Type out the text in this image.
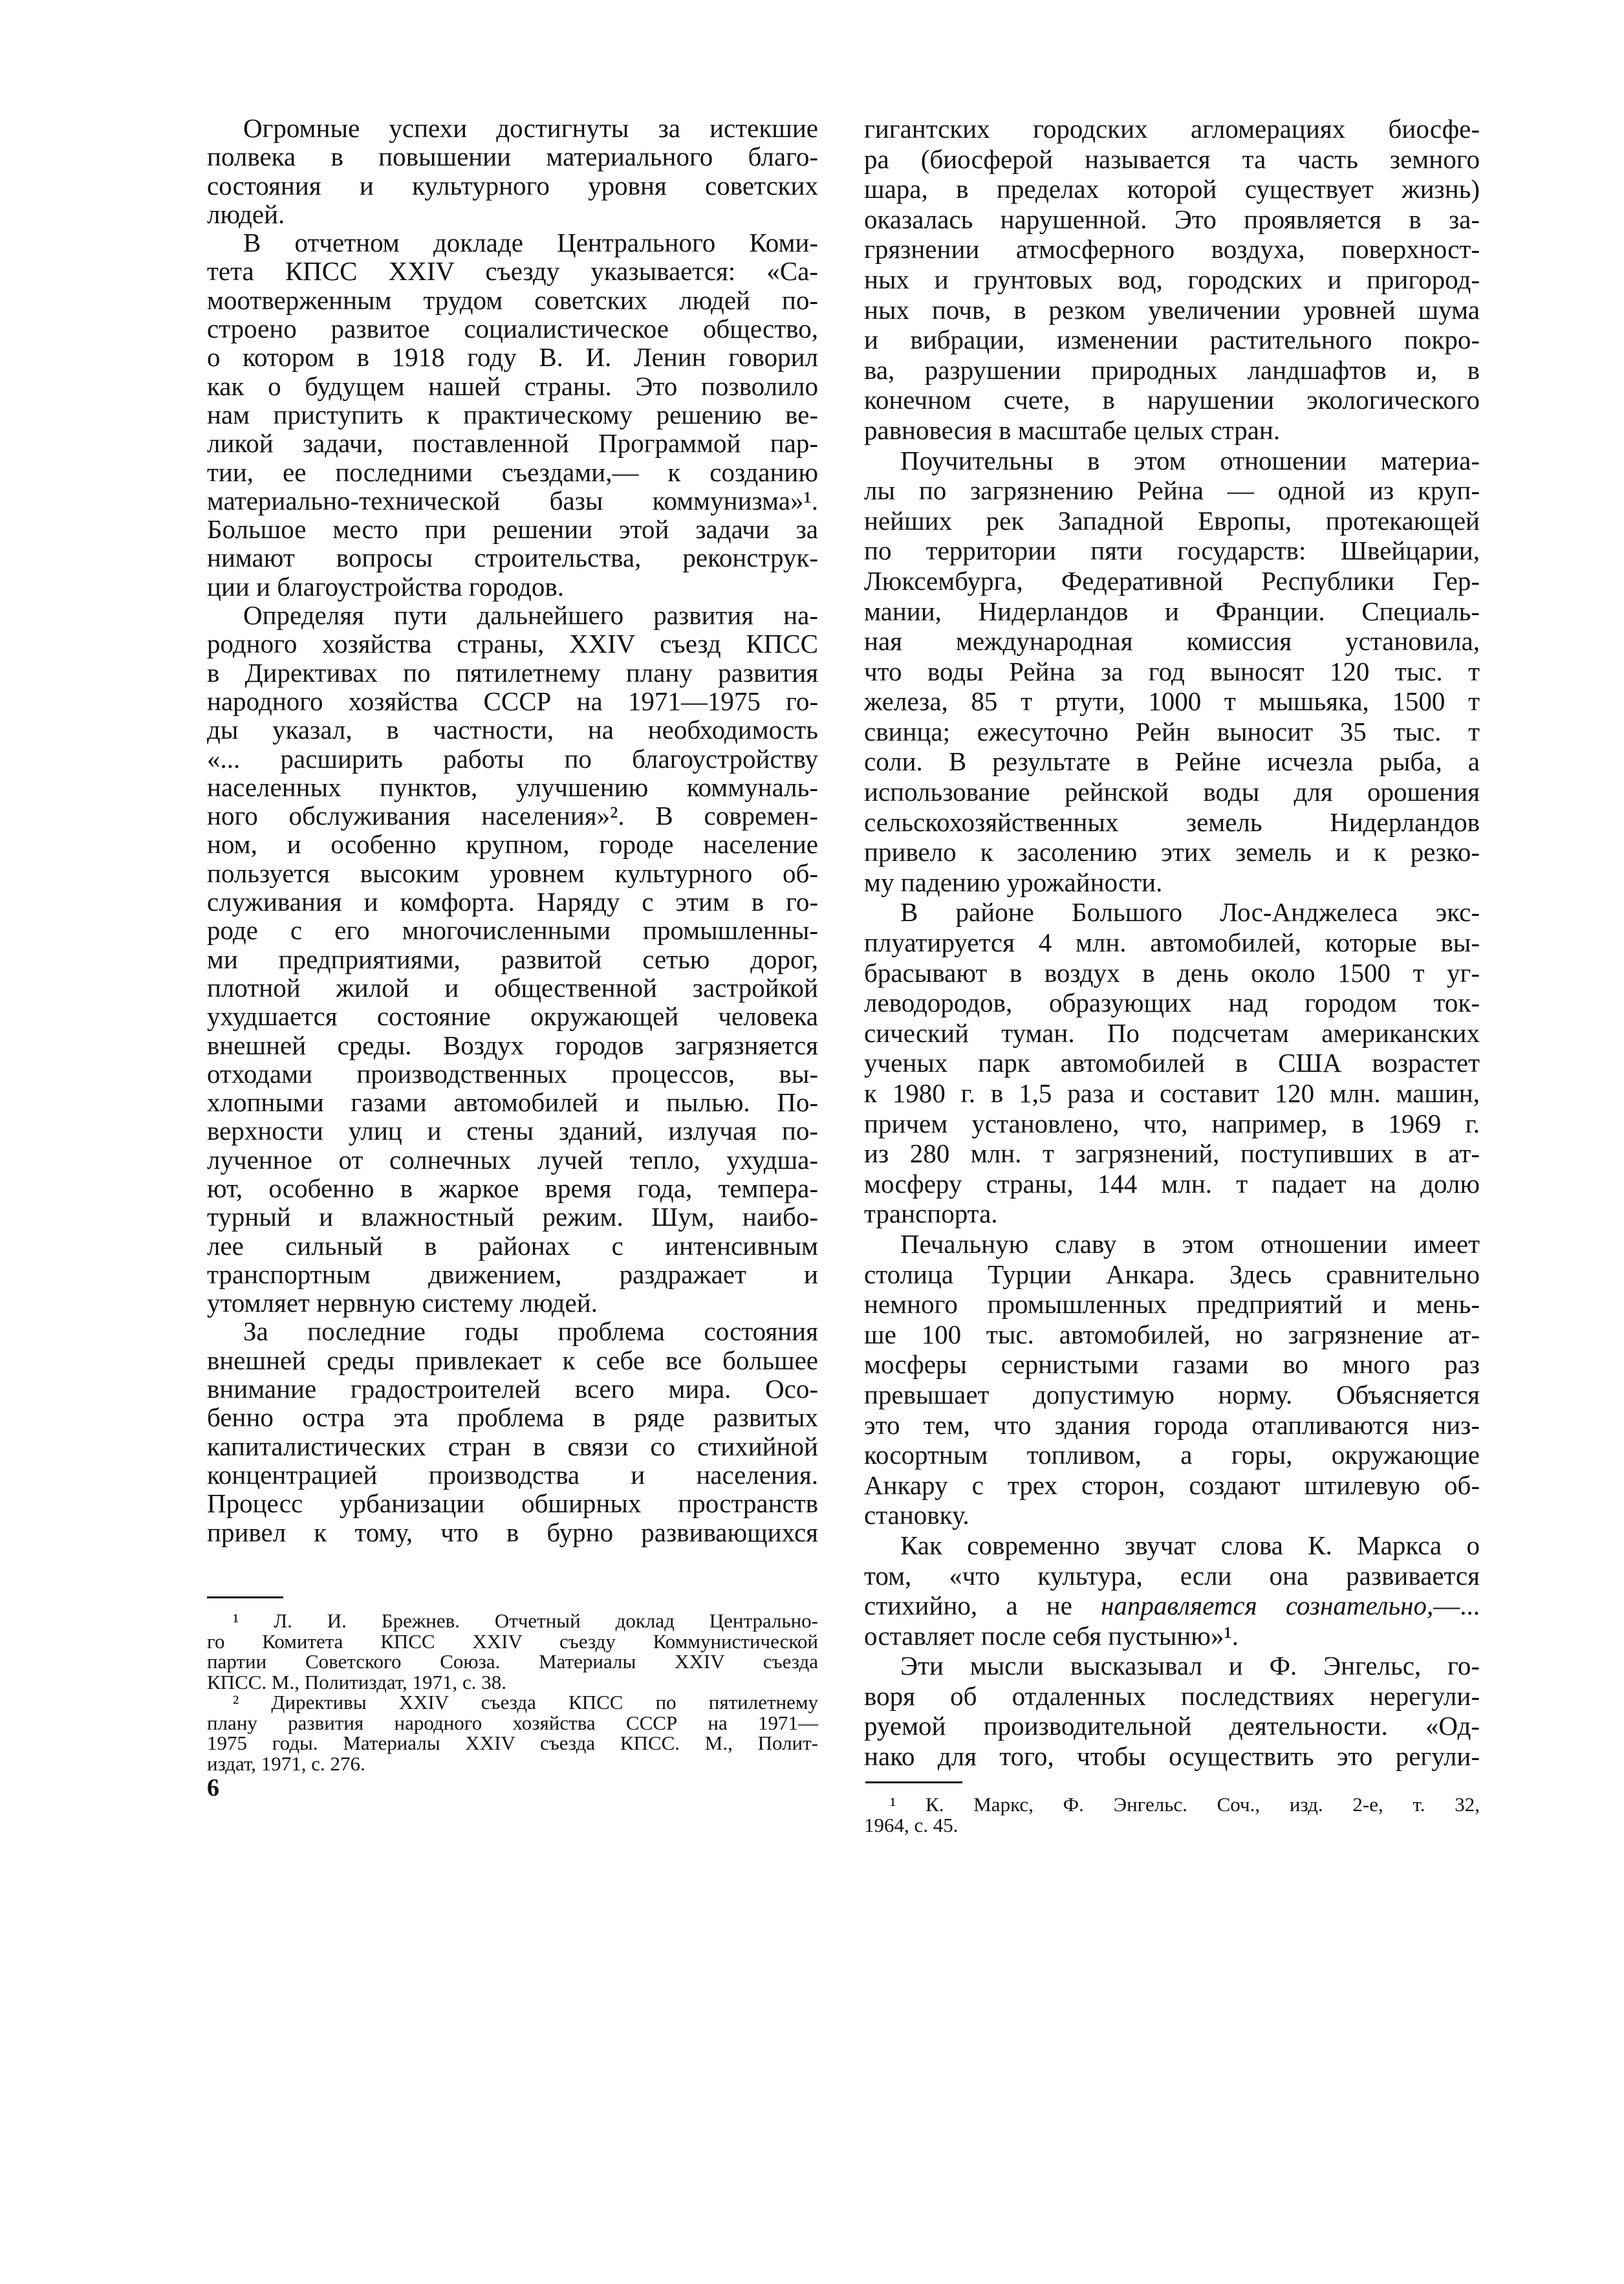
Огромные успехи достигнуты за истекшие
полвека в повышении материального благо-
состояния и культурного уровня советских
людей.
В отчетном докладе Центрального Коми-
тета КПСС XXIV съезду указывается: «Са-
моотверженным трудом советских людей по-
строено развитое социалистическое общество,
о котором в 1918 году В. И. Ленин говорил
как о будущем нашей страны. Это позволило
нам приступить к практическому решению ве-
ликой задачи, поставленной Программой пар-
тии, ее последними съездами,— к созданию
материально-технической базы коммунизма»¹.
Большое место при решении этой задачи за
нимают вопросы строительства, реконструк-
ции и благоустройства городов.
Определяя пути дальнейшего развития на-
родного хозяйства страны, XXIV съезд КПСС
в Директивах по пятилетнему плану развития
народного хозяйства СССР на 1971—1975 го-
ды указал, в частности, на необходимость
«... расширить работы по благоустройству
населенных пунктов, улучшению коммуналь-
ного обслуживания населения»². В современ-
ном, и особенно крупном, городе население
пользуется высоким уровнем культурного об-
служивания и комфорта. Наряду с этим в го-
роде с его многочисленными промышленны-
ми предприятиями, развитой сетью дорог,
плотной жилой и общественной застройкой
ухудшается состояние окружающей человека
внешней среды. Воздух городов загрязняется
отходами производственных процессов, вы-
хлопными газами автомобилей и пылью. По-
верхности улиц и стены зданий, излучая по-
лученное от солнечных лучей тепло, ухудша-
ют, особенно в жаркое время года, темпера-
турный и влажностный режим. Шум, наибо-
лее сильный в районах с интенсивным
транспортным движением, раздражает и
утомляет нервную систему людей.
За последние годы проблема состояния
внешней среды привлекает к себе все большее
внимание градостроителей всего мира. Осо-
бенно остра эта проблема в ряде развитых
капиталистических стран в связи со стихийной
концентрацией производства и населения.
Процесс урбанизации обширных пространств
привел к тому, что в бурно развивающихся
гигантских городских агломерациях биосфе-
ра (биосферой называется та часть земного
шара, в пределах которой существует жизнь)
оказалась нарушенной. Это проявляется в за-
грязнении атмосферного воздуха, поверхност-
ных и грунтовых вод, городских и пригород-
ных почв, в резком увеличении уровней шума
и вибрации, изменении растительного покро-
ва, разрушении природных ландшафтов и, в
конечном счете, в нарушении экологического
равновесия в масштабе целых стран.
Поучительны в этом отношении материа-
лы по загрязнению Рейна — одной из круп-
нейших рек Западной Европы, протекающей
по территории пяти государств: Швейцарии,
Люксембурга, Федеративной Республики Гер-
мании, Нидерландов и Франции. Специаль-
ная международная комиссия установила,
что воды Рейна за год выносят 120 тыс. т
железа, 85 т ртути, 1000 т мышьяка, 1500 т
свинца; ежесуточно Рейн выносит 35 тыс. т
соли. В результате в Рейне исчезла рыба, а
использование рейнской воды для орошения
сельскохозяйственных земель Нидерландов
привело к засолению этих земель и к резко-
му падению урожайности.
В районе Большого Лос-Анджелеса экс-
плуатируется 4 млн. автомобилей, которые вы-
брасывают в воздух в день около 1500 т уг-
леводородов, образующих над городом ток-
сический туман. По подсчетам американских
ученых парк автомобилей в США возрастет
к 1980 г. в 1,5 раза и составит 120 млн. машин,
причем установлено, что, например, в 1969 г.
из 280 млн. т загрязнений, поступивших в ат-
мосферу страны, 144 млн. т падает на долю
транспорта.
Печальную славу в этом отношении имеет
столица Турции Анкара. Здесь сравнительно
немного промышленных предприятий и мень-
ше 100 тыс. автомобилей, но загрязнение ат-
мосферы сернистыми газами во много раз
превышает допустимую норму. Объясняется
это тем, что здания города отапливаются низ-
косортным топливом, а горы, окружающие
Анкару с трех сторон, создают штилевую об-
становку.
Как современно звучат слова К. Маркса о
том, «что культура, если она развивается
стихийно, а не направляется сознательно,—...
оставляет после себя пустыню»¹.
Эти мысли высказывал и Ф. Энгельс, го-
воря об отдаленных последствиях нерегули-
руемой производительной деятельности. «Од-
нако для того, чтобы осуществить это регули-
¹ Л. И. Брежнев. Отчетный доклад Центрально-
го Комитета КПСС XXIV съезду Коммунистической
партии Советского Союза. Материалы XXIV съезда
КПСС. М., Политиздат, 1971, с. 38.
² Директивы XXIV съезда КПСС по пятилетнему
плану развития народного хозяйства СССР на 1971—
1975 годы. Материалы XXIV съезда КПСС. М., Полит-
издат, 1971, с. 276.
¹ К. Маркс, Ф. Энгельс. Соч., изд. 2-е, т. 32,
1964, с. 45.
6
